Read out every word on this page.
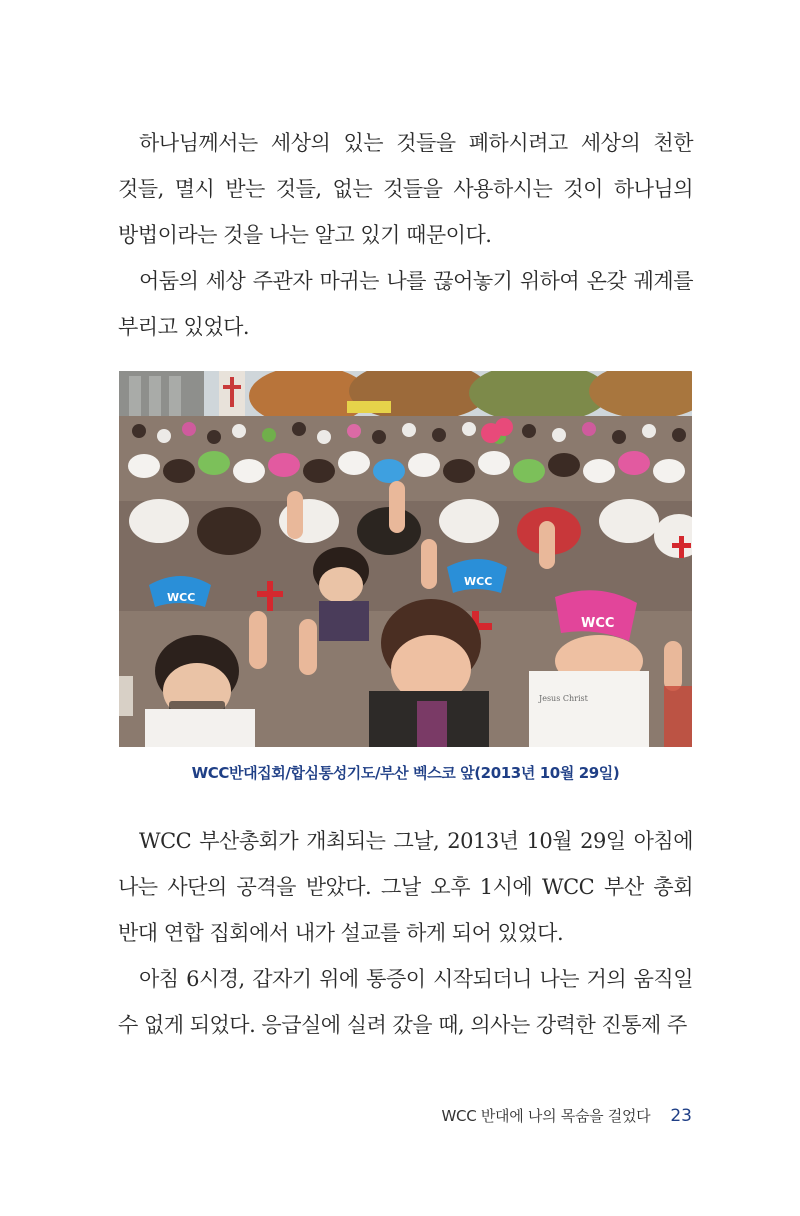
하나님께서는 세상의 있는 것들을 폐하시려고 세상의 천한 것들, 멸시 받는 것들, 없는 것들을 사용하시는 것이 하나님의 방법이라는 것을 나는 알고 있기 때문이다.

어둠의 세상 주관자 마귀는 나를 끊어놓기 위하여 온갖 궤계를 부리고 있었다.

WCC
WCC
WCC
Jesus Christ
WCC반대집회/합심통성기도/부산 벡스코 앞(2013년 10월 29일)

WCC 부산총회가 개최되는 그날, 2013년 10월 29일 아침에 나는 사단의 공격을 받았다. 그날 오후 1시에 WCC 부산 총회 반대 연합 집회에서 내가 설교를 하게 되어 있었다.

아침 6시경, 갑자기 위에 통증이 시작되더니 나는 거의 움직일 수 없게 되었다. 응급실에 실려 갔을 때, 의사는 강력한 진통제 주

WCC 반대에 나의 목숨을 걸었다 23
